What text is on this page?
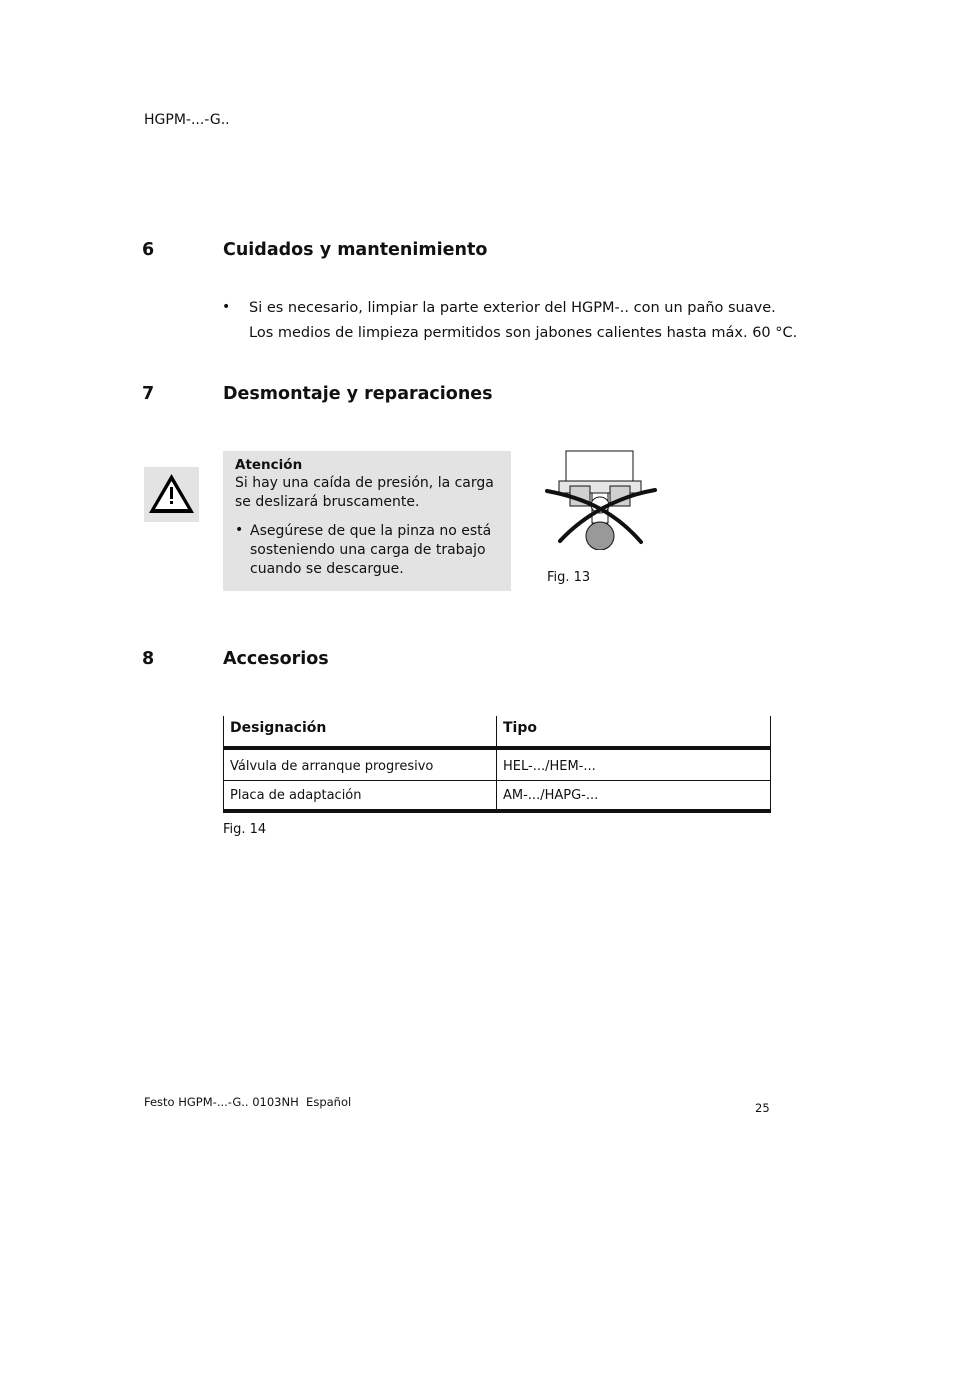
HGPM-...-G..
6	Cuidados y mantenimiento
• Si es necesario, limpiar la parte exterior del HGPM-.. con un paño suave.
Los medios de limpieza permitidos son jabones calientes hasta máx. 60 °C.
7	Desmontaje y reparaciones
Atención
Si hay una caída de presión, la carga se deslizará bruscamente.
• Asegúrese de que la pinza no está sosteniendo una carga de trabajo cuando se descargue.
Fig. 13
8	Accesorios
Designación	Tipo
Válvula de arranque progresivo	HEL-.../HEM-...
Placa de adaptación	AM-.../HAPG-...
Fig. 14
Festo HGPM-...-G.. 0103NH  Español	25
